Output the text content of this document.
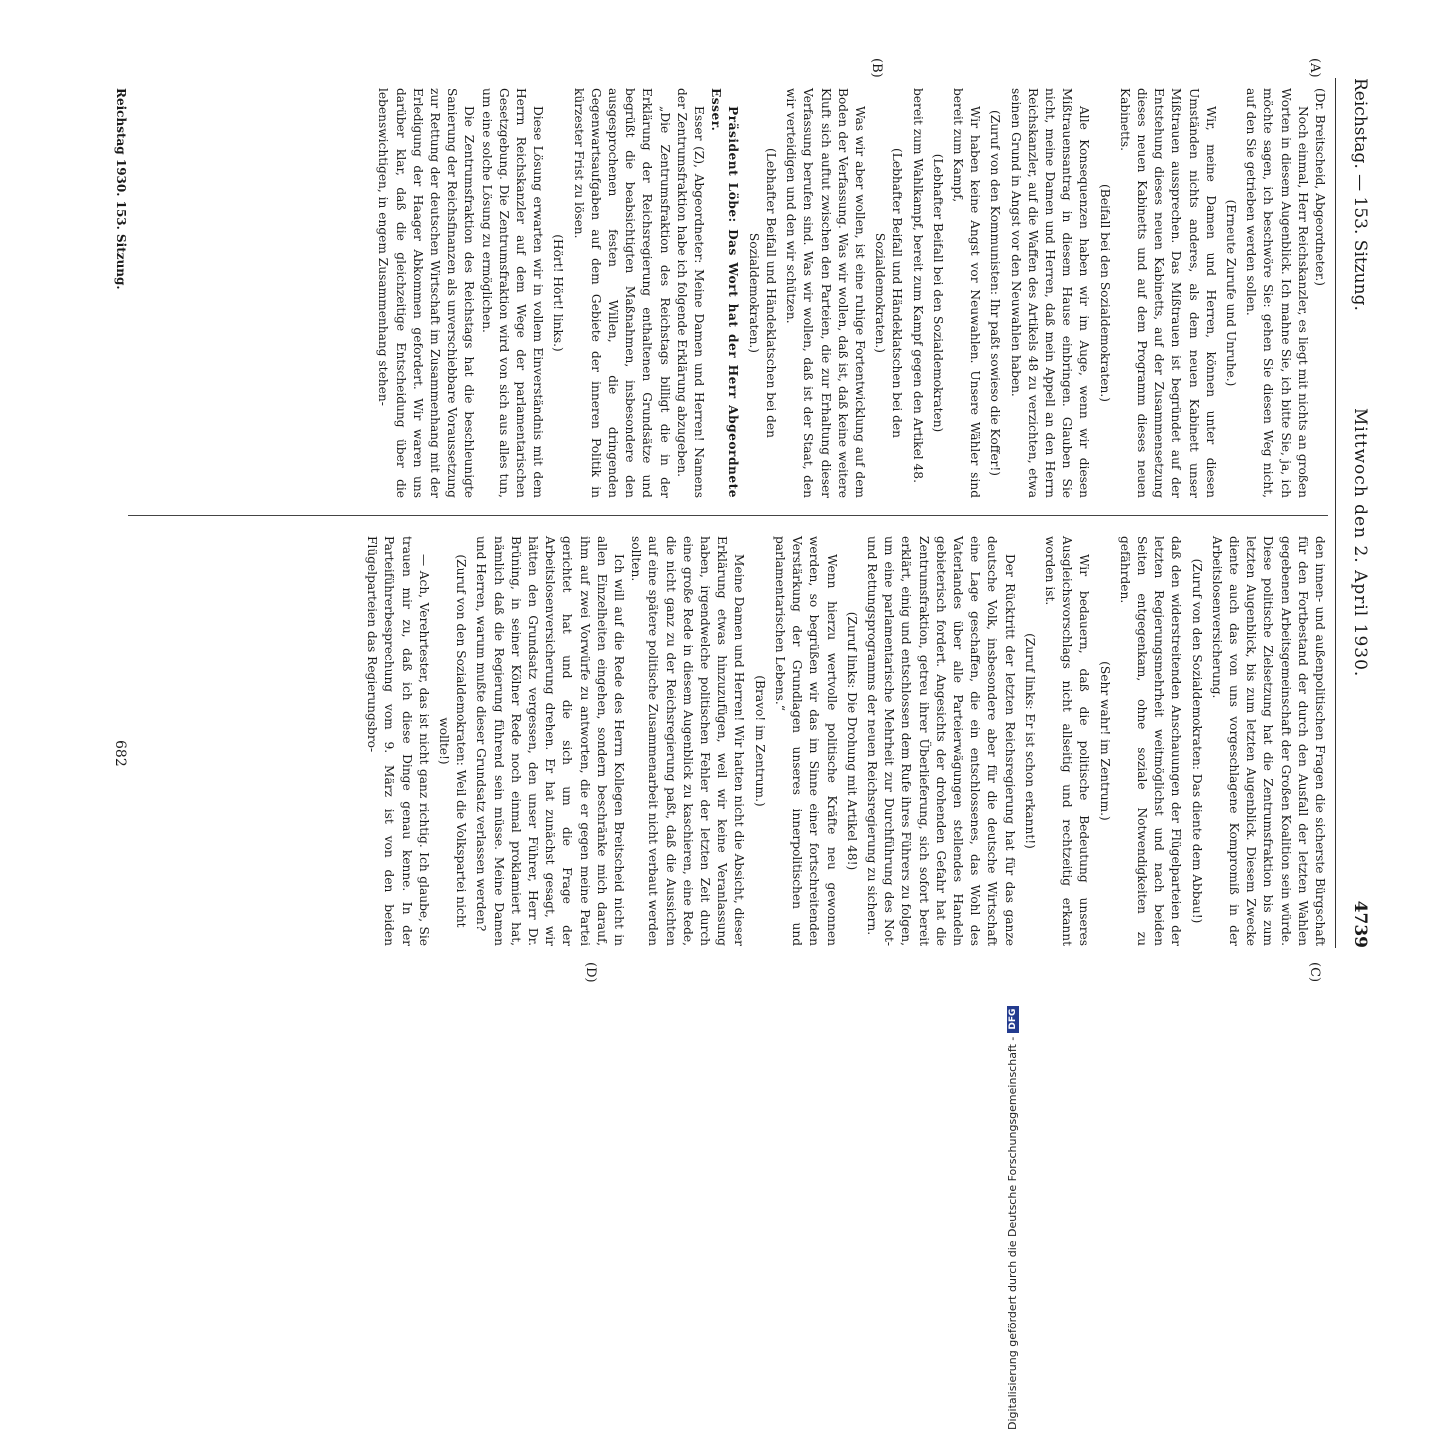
Reichstag. — 153. Sitzung.
Mittwoch den 2. April 1930.
4739
(A)
(B)
(C)
(D)

(Dr. Breitscheid, Abgeordneter.)

Noch einmal, Herr Reichskanzler, es liegt mit nichts an großen Worten in diesem Augenblick. Ich mahne Sie, ich bitte Sie, ja, ich möchte sagen, ich beschwöre Sie: gehen Sie diesen Weg nicht, auf den Sie getrieben werden sollen.

(Erneute Zurufe und Unruhe.)

Wir, meine Damen und Herren, können unter diesen Umständen nichts anderes, als dem neuen Kabinett unser Mißtrauen aussprechen. Das Mißtrauen ist begründet auf der Entstehung dieses neuen Kabinetts, auf der Zusammensetzung dieses neuen Kabinetts und auf dem Programm dieses neuen Kabinetts.

(Beifall bei den Sozialdemokraten.)

Alle Konsequenzen haben wir im Auge, wenn wir diesen Mißtrauensantrag in diesem Hause einbringen. Glauben Sie nicht, meine Damen und Herren, daß mein Appell an den Herrn Reichskanzler, auf die Waffen des Artikels 48 zu verzichten, etwa seinen Grund in Angst vor den Neuwahlen haben.

(Zuruf von den Kommunisten: Ihr paßt sowieso die Koffer!)

Wir haben keine Angst vor Neuwahlen. Unsere Wähler sind bereit zum Kampf,

(Lebhafter Beifall bei den Sozialdemokraten)

bereit zum Wahlkampf, bereit zum Kampf gegen den Artikel 48.

(Lebhafter Beifall und Händeklatschen bei den Sozialdemokraten.)

Was wir aber wollen, ist eine ruhige Fortentwicklung auf dem Boden der Verfassung. Was wir wollen, daß ist, daß keine weitere Kluft sich auftut zwischen den Parteien, die zur Erhaltung dieser Verfassung berufen sind. Was wir wollen, daß ist der Staat, den wir verteidigen und den wir schützen.

(Lebhafter Beifall und Händeklatschen bei den Sozialdemokraten.)

Präsident Löbe: Das Wort hat der Herr Abgeordnete Esser.

Esser (Z), Abgeordneter: Meine Damen und Herren! Namens der Zentrumsfraktion habe ich folgende Erklärung abzugeben.

„Die Zentrumsfraktion des Reichstags billigt die in der Erklärung der Reichsregierung enthaltenen Grundsätze und begrüßt die beabsichtigten Maßnahmen, insbesondere den ausgesprochenen festen Willen, die dringenden Gegenwartsaufgaben auf dem Gebiete der inneren Politik in kürzester Frist zu lösen.

(Hört! Hört! links.)

Diese Lösung erwarten wir in vollem Einverständnis mit dem Herrn Reichskanzler auf dem Wege der parlamentarischen Gesetzgebung. Die Zentrumsfraktion wird von sich aus alles tun, um eine solche Lösung zu ermöglichen.

Die Zentrumsfraktion des Reichstags hat die beschleunigte Sanierung der Reichsfinanzen als unverschiebbare Voraussetzung zur Rettung der deutschen Wirtschaft im Zusammenhang mit der Erledigung der Haager Abkommen gefordert. Wir waren uns darüber klar, daß die gleichzeitige Entscheidung über die lebenswichtigen, in engem Zusammenhang stehen-

den innen- und außenpolitischen Fragen die sicherste Bürgschaft für den Fortbestand der durch den Ausfall der letzten Wahlen gegebenen Arbeitsgemeinschaft der Großen Koalition sein würde. Diese politische Zielsetzung hat die Zentrumsfraktion bis zum letzten Augenblick, bis zum letzten Augenblick. Diesem Zwecke diente auch das von uns vorgeschlagene Kompromiß in der Arbeitslosenversicherung.

(Zuruf von den Sozialdemokraten: Das diente dem Abbau!)

daß den widerstreitenden Anschauungen der Flügelparteien der letzten Regierungsmehrheit weitmöglichst und nach beiden Seiten entgegenkam, ohne soziale Notwendigkeiten zu gefährden.

(Sehr wahr! im Zentrum.)

Wir bedauern, daß die politische Bedeutung unseres Ausgleichsvorschlags nicht allseitig und rechtzeitig erkannt worden ist.

(Zuruf links: Er ist schon erkannt!)

Der Rücktritt der letzten Reichsregierung hat für das ganze deutsche Volk, insbesondere aber für die deutsche Wirtschaft eine Lage geschaffen, die ein entschlossenes, das Wohl des Vaterlandes über alle Parteierwägungen stellendes Handeln gebieterisch fordert. Angesichts der drohenden Gefahr hat die Zentrumsfraktion, getreu ihrer Überlieferung, sich sofort bereit erklärt, einig und entschlossen dem Rufe ihres Führers zu folgen, um eine parlamentarische Mehrheit zur Durchführung des Not- und Rettungsprogramms der neuen Reichsregierung zu sichern.

(Zuruf links: Die Drohung mit Artikel 48!)

Wenn hierzu wertvolle politische Kräfte neu gewonnen werden, so begrüßen wir das im Sinne einer fortschreitenden Verstärkung der Grundlagen unseres innerpolitischen und parlamentarischen Lebens.“

(Bravo! im Zentrum.)

Meine Damen und Herren! Wir hatten nicht die Absicht, dieser Erklärung etwas hinzuzufügen, weil wir keine Veranlassung haben, irgendwelche politischen Fehler der letzten Zeit durch eine große Rede in diesem Augenblick zu kaschieren, eine Rede, die nicht ganz zu der Reichsregierung paßt, daß die Aussichten auf eine spätere politische Zusammenarbeit nicht verbaut werden sollten.

Ich will auf die Rede des Herrn Kollegen Breitscheid nicht in allen Einzelheiten eingehen, sondern beschränke mich darauf, ihm auf zwei Vorwürfe zu antworten, die er gegen meine Partei gerichtet hat und die sich um die Frage der Arbeitslosenversicherung drehen. Er hat zunächst gesagt, wir hätten den Grundsatz vergessen, den unser Führer, Herr Dr. Brüning, in seiner Kölner Rede noch einmal proklamiert hat, nämlich daß die Regierung führend sein müsse. Meine Damen und Herren, warum mußte dieser Grundsatz verlassen werden?

(Zuruf von den Sozialdemokraten: Weil die Volkspartei nicht wollte!)

— Ach, Verehrtester, das ist nicht ganz richtig. Ich glaube, Sie trauen mir zu, daß ich diese Dinge genau kenne. In der Parteiführerbesprechung vom 9. März ist von den beiden Flügelparteien das Regierungsbro-

Reichstag 1930. 153. Sitzung.
682
Digitalisierung gefördert durch die Deutsche Forschungsgemeinschaft -DFG
